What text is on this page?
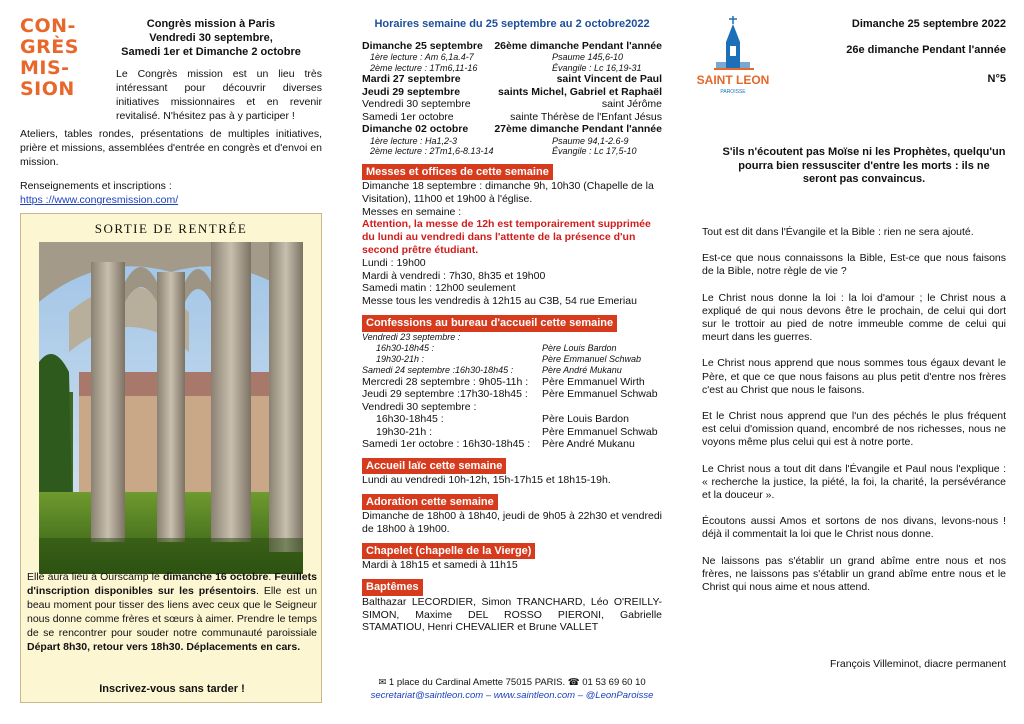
CON-
GRÈS
MIS-
SION
Congrès mission à Paris
Vendredi 30 septembre,
Samedi 1er et Dimanche 2 octobre
Le Congrès mission est un lieu très intéressant pour découvrir diverses initiatives missionnaires et en revenir revitalisé. N'hésitez pas à y participer !
Ateliers, tables rondes, présentations de multiples initiatives, prière et missions, assemblées d'entrée en congrès et d'envoi en mission.
Renseignements et inscriptions :
https ://www.congresmission.com/
SORTIE DE RENTRÉE
Elle aura lieu à Ourscamp le dimanche 16 octobre. Feuillets d'inscription disponibles sur les présentoirs. Elle est un beau moment pour tisser des liens avec ceux que le Seigneur nous donne comme frères et sœurs à aimer. Prendre le temps de se rencontrer pour souder notre communauté paroissiale Départ 8h30, retour vers 18h30. Déplacements en cars.
Inscrivez-vous sans tarder !
Horaires semaine du 25 septembre au 2 octobre2022
Dimanche 25 septembre 26ème dimanche Pendant l'année
1ère lecture : Am 6,1a.4-7	Psaume 145,6-10
2ème lecture : 1Tm6,11-16	Évangile : Lc 16,19-31
Mardi 27 septembre	saint Vincent de Paul
Jeudi 29 septembre	saints Michel, Gabriel et Raphaël
Vendredi 30 septembre	saint Jérôme
Samedi 1er octobre	sainte Thérèse de l'Enfant Jésus
Dimanche 02 octobre 27ème dimanche Pendant l'année
1ère lecture : Ha1,2-3	Psaume 94,1-2.6-9
2ème lecture : 2Tm1,6-8.13-14	Évangile : Lc 17,5-10
Messes et offices de cette semaine
Dimanche 18 septembre : dimanche 9h, 10h30 (Chapelle de la Visitation), 11h00 et 19h00 à l'église.
Messes en semaine :
Attention, la messe de 12h est temporairement supprimée du lundi au vendredi dans l'attente de la présence d'un second prêtre étudiant.
Lundi : 19h00
Mardi à vendredi : 7h30, 8h35 et 19h00
Samedi matin : 12h00 seulement
Messe tous les vendredis à 12h15 au C3B, 54 rue Emeriau
Confessions au bureau d'accueil cette semaine
Vendredi 23 septembre :
16h30-18h45 :	Père Louis Bardon
19h30-21h :	Père Emmanuel Schwab
Samedi 24 septembre :16h30-18h45 :	Père André Mukanu
Mercredi 28 septembre : 9h05-11h :	Père Emmanuel Wirth
Jeudi 29 septembre :17h30-18h45 :	Père Emmanuel Schwab
Vendredi 30 septembre :
16h30-18h45 :	Père Louis Bardon
19h30-21h :	Père Emmanuel Schwab
Samedi 1er octobre : 16h30-18h45 :	Père André Mukanu
Accueil laïc cette semaine
Lundi au vendredi 10h-12h, 15h-17h15 et 18h15-19h.
Adoration cette semaine
Dimanche de 18h00 à 18h40, jeudi de 9h05 à 22h30 et vendredi de 18h00 à 19h00.
Chapelet (chapelle de la Vierge)
Mardi à 18h15 et samedi à 11h15
Baptêmes
Balthazar LECORDIER, Simon TRANCHARD, Léo O'REILLY-SIMON, Maxime DEL ROSSO PIERONI, Gabrielle STAMATIOU, Henri CHEVALIER et Brune VALLET
✉ 1 place du Cardinal Amette 75015 PARIS. ☎ 01 53 69 60 10
secretariat@saintleon.com – www.saintleon.com – @LeonParoisse
SAINT LEON
PAROISSE
Dimanche 25 septembre 2022
26e dimanche Pendant l'année
N°5
S'ils n'écoutent pas Moïse ni les Prophètes, quelqu'un pourra bien ressusciter d'entre les morts : ils ne seront pas convaincus.

Tout est dit dans l'Évangile et la Bible : rien ne sera ajouté.

Est-ce que nous connaissons la Bible, Est-ce que nous faisons de la Bible, notre règle de vie ?

Le Christ nous donne la loi : la loi d'amour ; le Christ nous a expliqué de qui nous devons être le prochain, de celui qui dort sur le trottoir au pied de notre immeuble comme de celui qui meurt dans les guerres.

Le Christ nous apprend que nous sommes tous égaux devant le Père, et que ce que nous faisons au plus petit d'entre nos frères c'est au Christ que nous le faisons.

Et le Christ nous apprend que l'un des péchés le plus fréquent est celui d'omission quand, encombré de nos richesses, nous ne voyons même plus celui qui est à notre porte.

Le Christ nous a tout dit dans l'Évangile et Paul nous l'explique : « recherche la justice, la piété, la foi, la charité, la persévérance et la douceur ».

Écoutons aussi Amos et sortons de nos divans, levons-nous ! déjà il commentait la loi que le Christ nous donne.

Ne laissons pas s'établir un grand abîme entre nous et nos frères, ne laissons pas s'établir un grand abîme entre nous et le Christ qui nous aime et nous attend.

François Villeminot, diacre permanent
